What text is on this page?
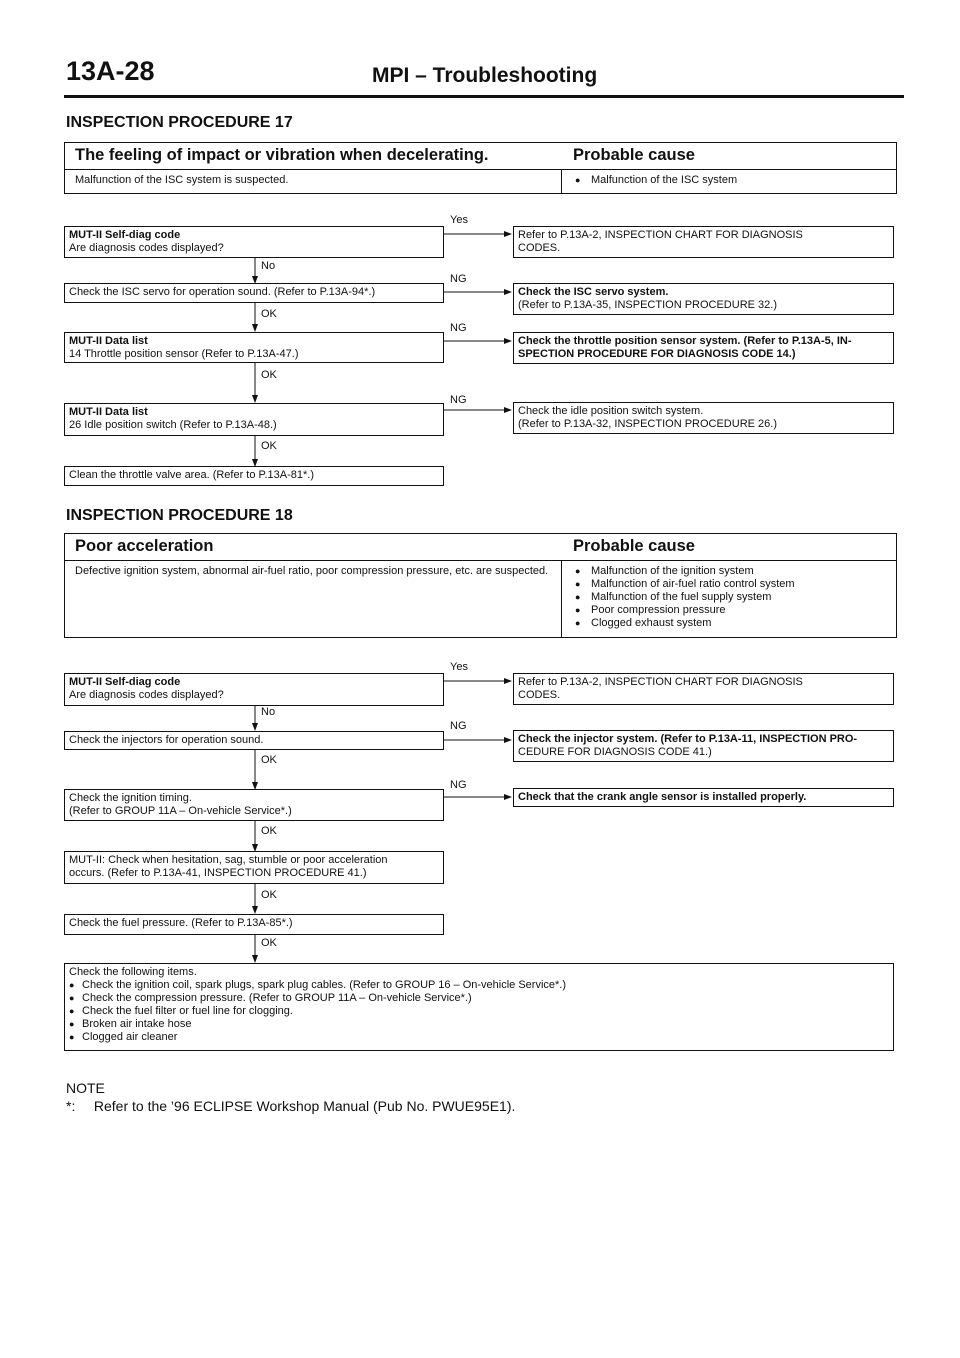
13A-28	MPI – Troubleshooting
INSPECTION PROCEDURE 17
The feeling of impact or vibration when decelerating.	Probable cause
Malfunction of the ISC system is suspected.	● Malfunction of the ISC system
MUT-II Self-diag code
Are diagnosis codes displayed?
Check the ISC servo for operation sound. (Refer to P.13A-94*.)
MUT-II Data list
14 Throttle position sensor (Refer to P.13A-47.)
MUT-II Data list
26 Idle position switch (Refer to P.13A-48.)
Clean the throttle valve area. (Refer to P.13A-81*.)
Refer to P.13A-2, INSPECTION CHART FOR DIAGNOSIS
CODES.
Check the ISC servo system.
(Refer to P.13A-35, INSPECTION PROCEDURE 32.)
Check the throttle position sensor system. (Refer to P.13A-5, IN-
SPECTION PROCEDURE FOR DIAGNOSIS CODE 14.)
Check the idle position switch system.
(Refer to P.13A-32, INSPECTION PROCEDURE 26.)
Yes
NG
NG
NG
No
OK
OK
OK
INSPECTION PROCEDURE 18
Poor acceleration	Probable cause
Defective ignition system, abnormal air-fuel ratio, poor compression pressure, etc. are suspected.	● Malfunction of the ignition system
● Malfunction of air-fuel ratio control system
● Malfunction of the fuel supply system
● Poor compression pressure
● Clogged exhaust system
MUT-II Self-diag code
Are diagnosis codes displayed?
Check the injectors for operation sound.
Check the ignition timing.
(Refer to GROUP 11A – On-vehicle Service*.)
MUT-II: Check when hesitation, sag, stumble or poor acceleration
occurs. (Refer to P.13A-41, INSPECTION PROCEDURE 41.)
Check the fuel pressure. (Refer to P.13A-85*.)
Refer to P.13A-2, INSPECTION CHART FOR DIAGNOSIS
CODES.
Check the injector system. (Refer to P.13A-11, INSPECTION PRO-
CEDURE FOR DIAGNOSIS CODE 41.)
Check that the crank angle sensor is installed properly.
Check the following items.
● Check the ignition coil, spark plugs, spark plug cables. (Refer to GROUP 16 – On-vehicle Service*.)
● Check the compression pressure. (Refer to GROUP 11A – On-vehicle Service*.)
● Check the fuel filter or fuel line for clogging.
● Broken air intake hose
● Clogged air cleaner
Yes
NG
NG
No
OK
OK
OK
OK
NOTE
*: Refer to the ’96 ECLIPSE Workshop Manual (Pub No. PWUE95E1).
